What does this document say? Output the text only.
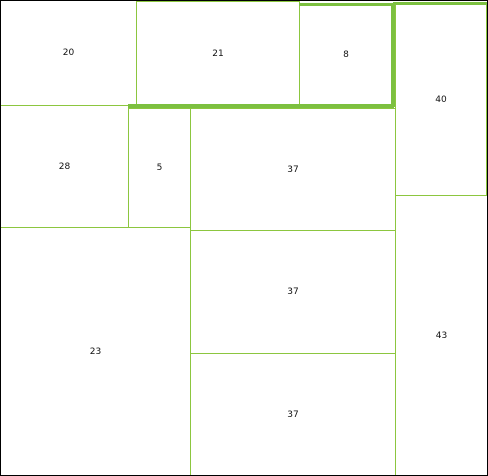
20	21	8
40
28	5	37
37
37
23
43
